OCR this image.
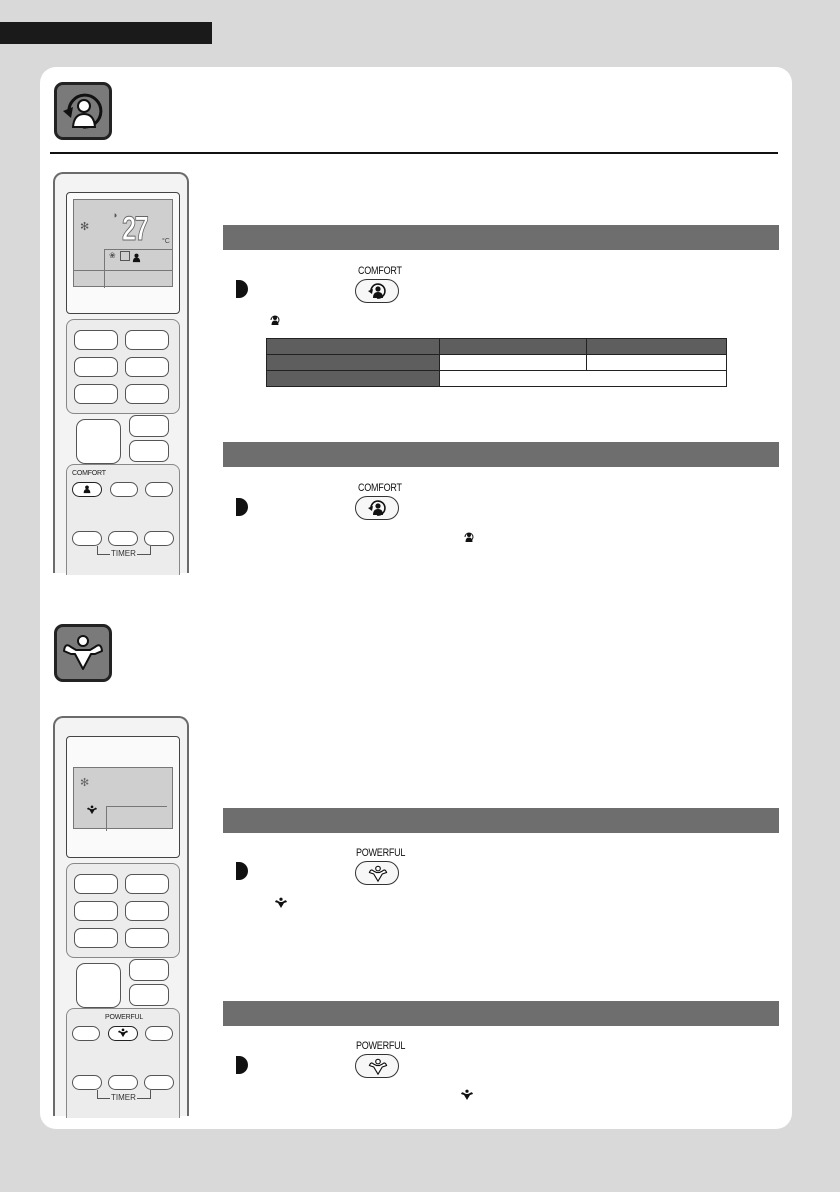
✻
◑ 27 °C
❀
COMFORT
TIMER
COMFORT

COMFORT
✻
POWERFUL
TIMER
POWERFUL
POWERFUL
